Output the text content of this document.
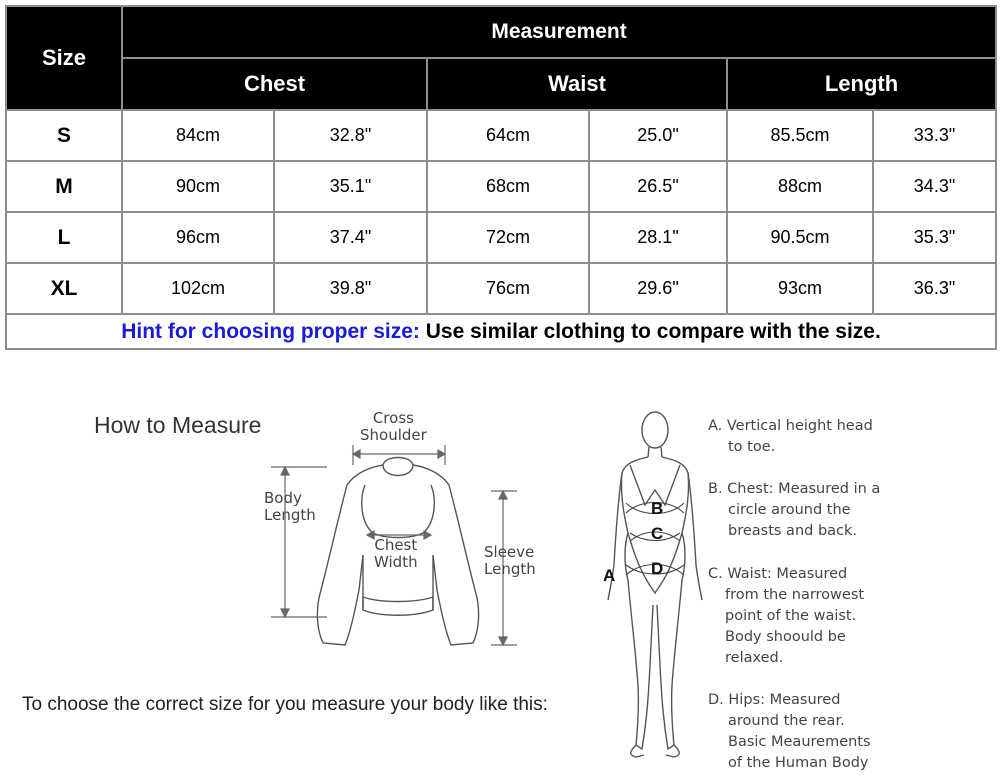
Size	Measurement					
	Chest		Waist		Length	
S	84cm	32.8"	64cm	25.0"	85.5cm	33.3"
M	90cm	35.1"	68cm	26.5"	88cm	34.3"
L	96cm	37.4"	72cm	28.1"	90.5cm	35.3"
XL	102cm	39.8"	76cm	29.6"	93cm	36.3"
Hint for choosing proper size: Use similar clothing to compare with the size.						
How to Measure	Cross
Shoulder
Body
Length
Chest
Width
Sleeve
Length
To choose the correct size for you measure your body like this:
A
B
C
D
A. Vertical height head
to toe.
B. Chest: Measured in a
circle around the
breasts and back.
C. Waist: Measured
from the narrowest
point of the waist.
Body shoould be
relaxed.
D. Hips: Measured
around the rear.
Basic Meaurements
of the Human Body
